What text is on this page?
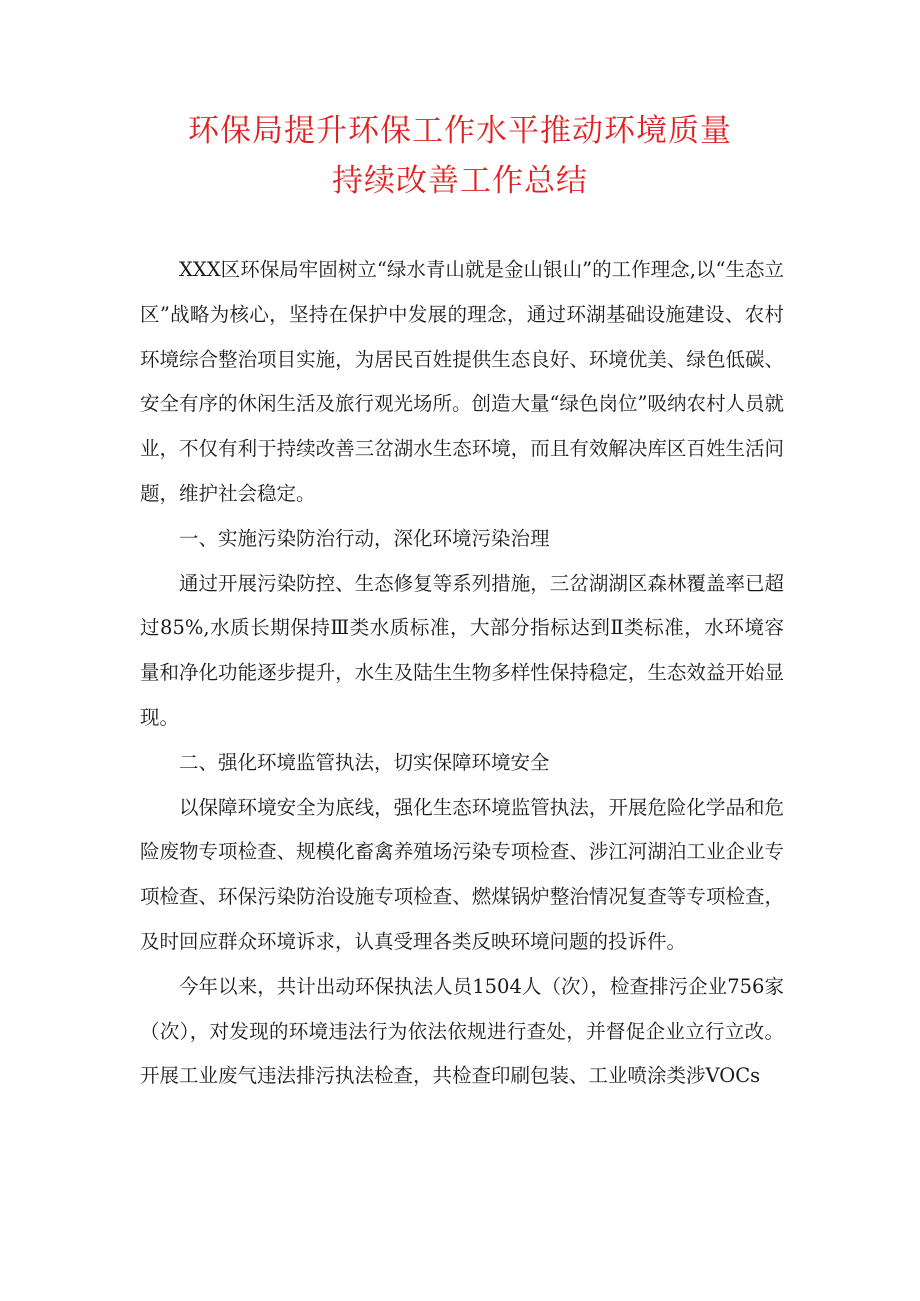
环保局提升环保工作水平推动环境质量
持续改善工作总结

XXX区环保局牢固树立“绿水青山就是金山银山”的工作理念,以“生态立区”战略为核心，坚持在保护中发展的理念，通过环湖基础设施建设、农村环境综合整治项目实施，为居民百姓提供生态良好、环境优美、绿色低碳、安全有序的休闲生活及旅行观光场所。创造大量“绿色岗位”吸纳农村人员就业，不仅有利于持续改善三岔湖水生态环境，而且有效解决库区百姓生活问题，维护社会稳定。

一、实施污染防治行动，深化环境污染治理

通过开展污染防控、生态修复等系列措施，三岔湖湖区森林覆盖率已超过85%,水质长期保持Ⅲ类水质标准，大部分指标达到Ⅱ类标准，水环境容量和净化功能逐步提升，水生及陆生生物多样性保持稳定，生态效益开始显现。

二、强化环境监管执法，切实保障环境安全

以保障环境安全为底线，强化生态环境监管执法，开展危险化学品和危险废物专项检查、规模化畜禽养殖场污染专项检查、涉江河湖泊工业企业专项检查、环保污染防治设施专项检查、燃煤锅炉整治情况复查等专项检查，及时回应群众环境诉求，认真受理各类反映环境问题的投诉件。

今年以来，共计出动环保执法人员1504人（次），检查排污企业756家（次），对发现的环境违法行为依法依规进行查处，并督促企业立行立改。开展工业废气违法排污执法检查，共检查印刷包装、工业喷涂类涉VOCs
